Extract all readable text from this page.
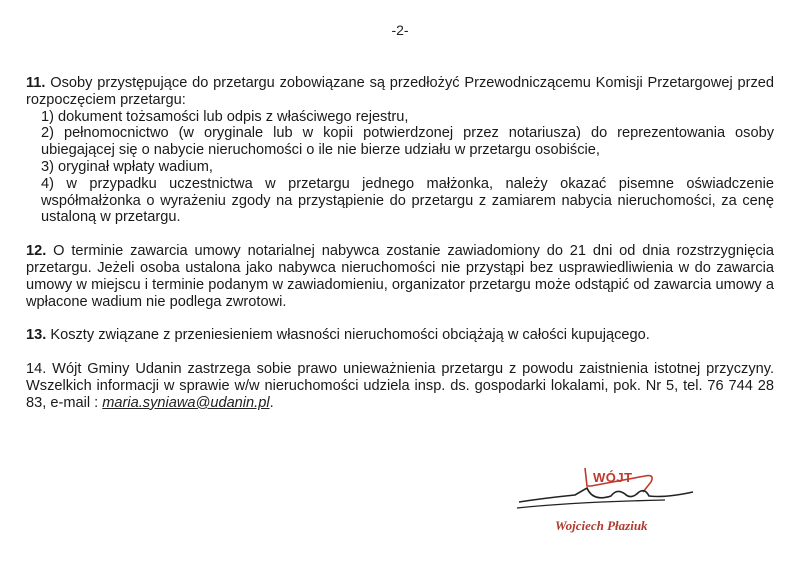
-2-

11. Osoby przystępujące do przetargu zobowiązane są przedłożyć Przewodniczącemu Komisji Przetargowej przed rozpoczęciem przetargu:

1) dokument tożsamości lub odpis z właściwego rejestru,
2) pełnomocnictwo (w oryginale lub w kopii potwierdzonej przez notariusza) do reprezentowania osoby ubiegającej się o nabycie nieruchomości o ile nie bierze udziału w przetargu osobiście,
3) oryginał wpłaty wadium,
4) w przypadku uczestnictwa w przetargu jednego małżonka, należy okazać pisemne oświadczenie współmałżonka o wyrażeniu zgody na przystąpienie do przetargu z zamiarem nabycia nieruchomości, za cenę ustaloną w przetargu.

12. O terminie zawarcia umowy notarialnej nabywca zostanie zawiadomiony do 21 dni od dnia rozstrzygnięcia przetargu. Jeżeli osoba ustalona jako nabywca nieruchomości nie przystąpi bez usprawiedliwienia w do zawarcia umowy w miejscu i terminie podanym w zawiadomieniu, organizator przetargu może odstąpić od zawarcia umowy a wpłacone wadium nie podlega zwrotowi.

13. Koszty związane z przeniesieniem własności nieruchomości obciążają w całości kupującego.

14. Wójt Gminy Udanin zastrzega sobie prawo unieważnienia przetargu z powodu zaistnienia istotnej przyczyny. Wszelkich informacji w sprawie w/w nieruchomości udziela insp. ds. gospodarki lokalami, pok. Nr 5, tel. 76 744 28 83, e-mail : maria.syniawa@udanin.pl.

WÓJT
Wojciech Płaziuk
